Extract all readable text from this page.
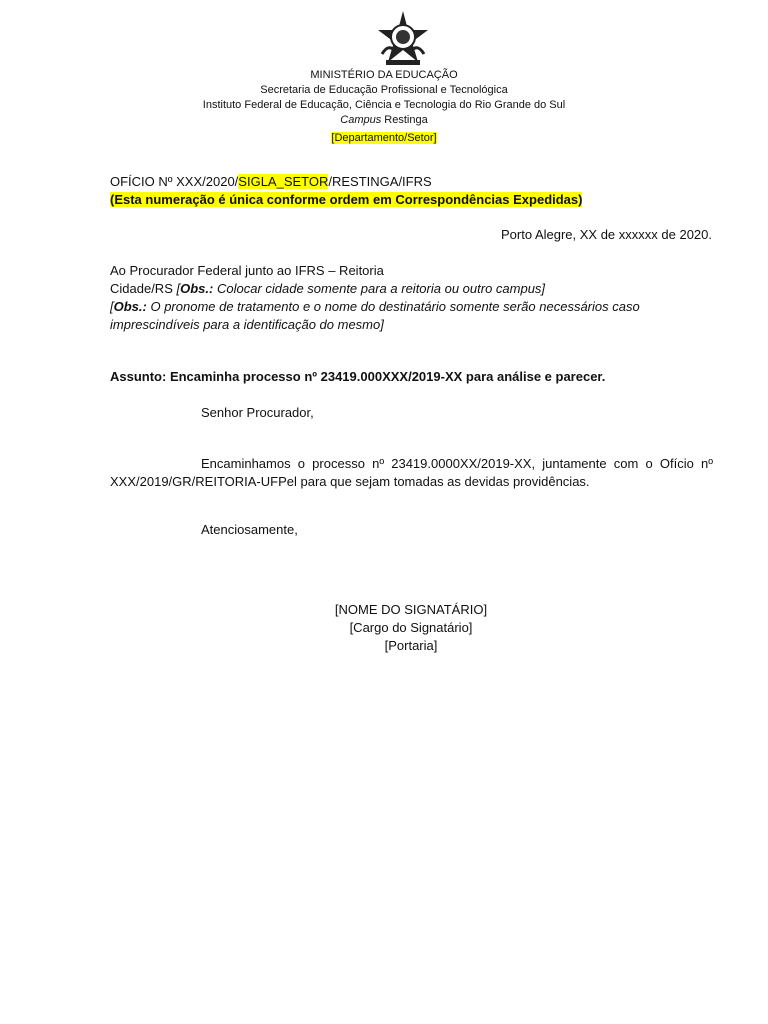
MINISTÉRIO DA EDUCAÇÃO
Secretaria de Educação Profissional e Tecnológica
Instituto Federal de Educação, Ciência e Tecnologia do Rio Grande do Sul
Campus Restinga
[Departamento/Setor]
OFÍCIO Nº XXX/2020/SIGLA_SETOR/RESTINGA/IFRS
(Esta numeração é única conforme ordem em Correspondências Expedidas)
Porto Alegre, XX de xxxxxx de 2020.
Ao Procurador Federal junto ao IFRS – Reitoria
Cidade/RS [Obs.: Colocar cidade somente para a reitoria ou outro campus]
[Obs.: O pronome de tratamento e o nome do destinatário somente serão necessários caso imprescindíveis para a identificação do mesmo]
Assunto: Encaminha processo nº 23419.000XXX/2019-XX para análise e parecer.
Senhor Procurador,
Encaminhamos o processo nº 23419.0000XX/2019-XX, juntamente com o Ofício nº XXX/2019/GR/REITORIA-UFPel para que sejam tomadas as devidas providências.
Atenciosamente,
[NOME DO SIGNATÁRIO]
[Cargo do Signatário]
[Portaria]
